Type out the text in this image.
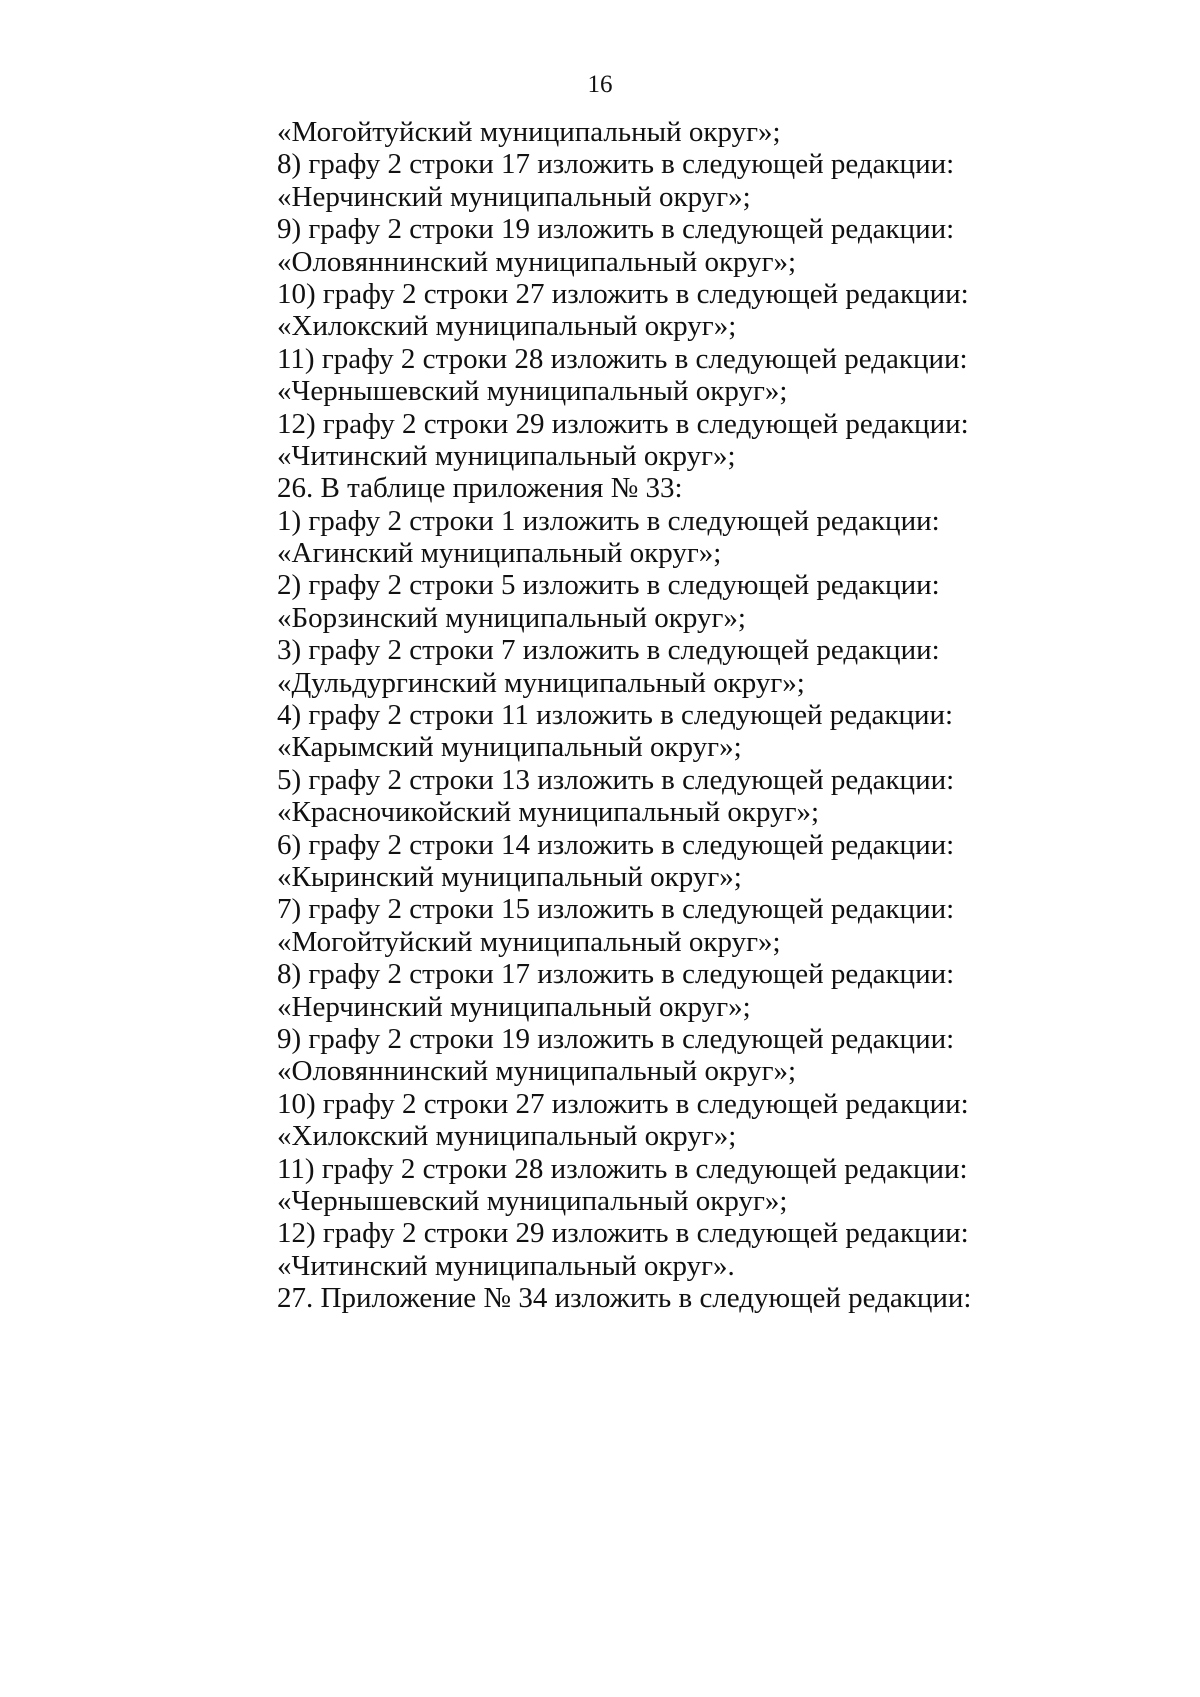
16
«Могойтуйский муниципальный округ»;
8) графу 2 строки 17 изложить в следующей редакции:
«Нерчинский муниципальный округ»;
9) графу 2 строки 19 изложить в следующей редакции:
«Оловяннинский муниципальный округ»;
10) графу 2 строки 27 изложить в следующей редакции:
«Хилокский муниципальный округ»;
11) графу 2 строки 28 изложить в следующей редакции:
«Чернышевский муниципальный округ»;
12) графу 2 строки 29 изложить в следующей редакции:
«Читинский муниципальный округ»;
26. В таблице приложения № 33:
1) графу 2 строки 1 изложить в следующей редакции:
«Агинский муниципальный округ»;
2) графу 2 строки 5 изложить в следующей редакции:
«Борзинский муниципальный округ»;
3) графу 2 строки 7 изложить в следующей редакции:
«Дульдургинский муниципальный округ»;
4) графу 2 строки 11 изложить в следующей редакции:
«Карымский муниципальный округ»;
5) графу 2 строки 13 изложить в следующей редакции:
«Красночикойский муниципальный округ»;
6) графу 2 строки 14 изложить в следующей редакции:
«Кыринский муниципальный округ»;
7) графу 2 строки 15 изложить в следующей редакции:
«Могойтуйский муниципальный округ»;
8) графу 2 строки 17 изложить в следующей редакции:
«Нерчинский муниципальный округ»;
9) графу 2 строки 19 изложить в следующей редакции:
«Оловяннинский муниципальный округ»;
10) графу 2 строки 27 изложить в следующей редакции:
«Хилокский муниципальный округ»;
11) графу 2 строки 28 изложить в следующей редакции:
«Чернышевский муниципальный округ»;
12) графу 2 строки 29 изложить в следующей редакции:
«Читинский муниципальный округ».
27. Приложение № 34 изложить в следующей редакции:
